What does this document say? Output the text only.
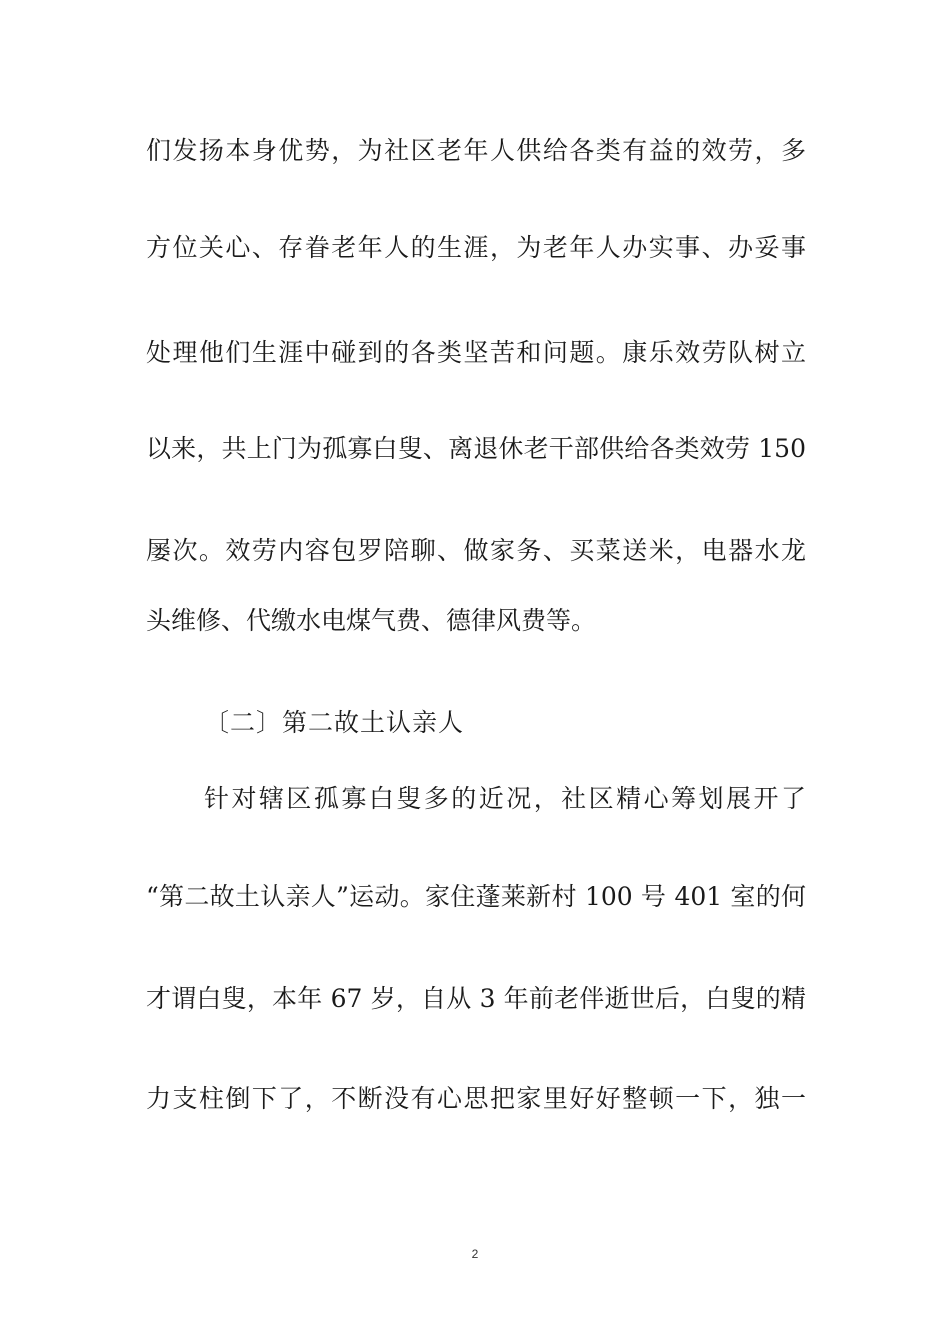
们发扬本身优势，为社区老年人供给各类有益的效劳，多
方位关心、存眷老年人的生涯，为老年人办实事、办妥事
处理他们生涯中碰到的各类坚苦和问题。康乐效劳队树立
以来，共上门为孤寡白叟、离退休老干部供给各类效劳 150
屡次。效劳内容包罗陪聊、做家务、买菜送米，电器水龙
头维修、代缴水电煤气费、德律风费等。
〔二〕第二故土认亲人
针对辖区孤寡白叟多的近况，社区精心筹划展开了
“第二故土认亲人”运动。家住蓬莱新村 100 号 401 室的何
才谓白叟，本年 67 岁，自从 3 年前老伴逝世后，白叟的精
力支柱倒下了，不断没有心思把家里好好整顿一下，独一
2
